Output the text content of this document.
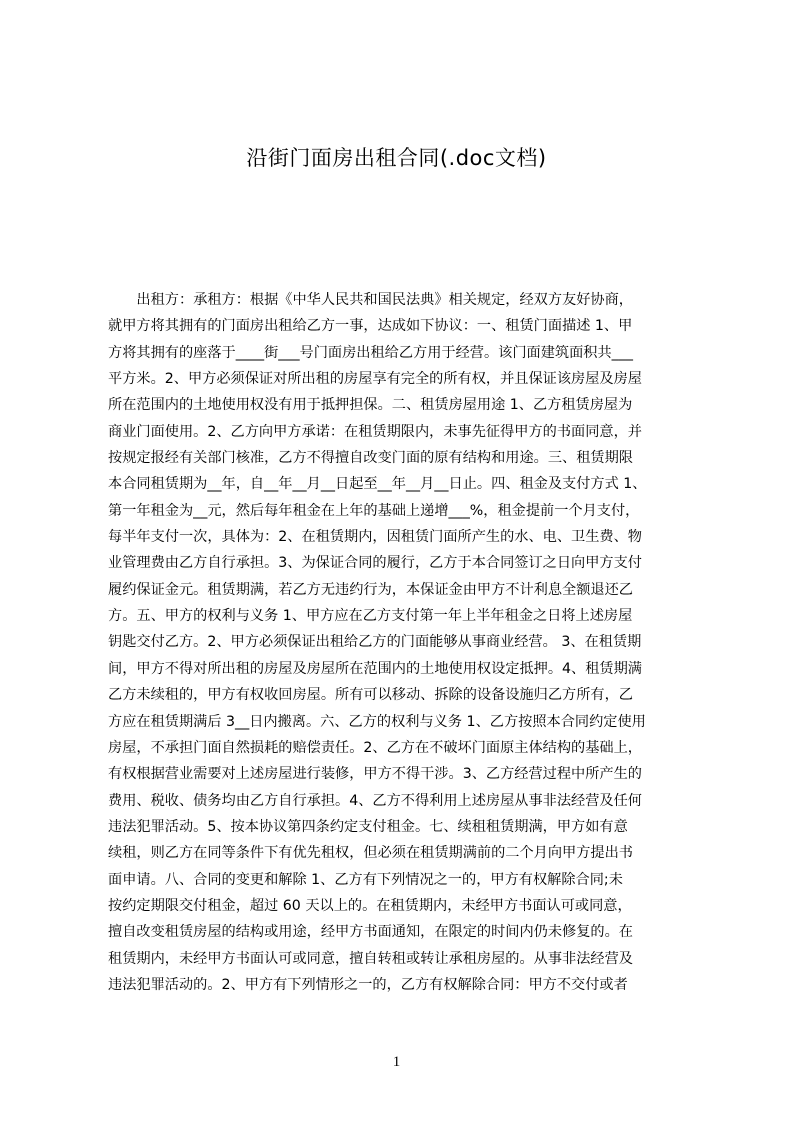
沿街门面房出租合同(.doc文档)
　　出租方：承租方：根据《中华人民共和国民法典》相关规定，经双方友好协商，
就甲方将其拥有的门面房出租给乙方一事，达成如下协议：一、租赁门面描述 1、甲
方将其拥有的座落于____街___号门面房出租给乙方用于经营。该门面建筑面积共___
平方米。2、甲方必须保证对所出租的房屋享有完全的所有权，并且保证该房屋及房屋
所在范围内的土地使用权没有用于抵押担保。二、租赁房屋用途 1、乙方租赁房屋为
商业门面使用。2、乙方向甲方承诺：在租赁期限内，未事先征得甲方的书面同意，并
按规定报经有关部门核准，乙方不得擅自改变门面的原有结构和用途。三、租赁期限
本合同租赁期为__年，自__年__月__日起至__年__月__日止。四、租金及支付方式 1、
第一年租金为__元，然后每年租金在上年的基础上递增___%，租金提前一个月支付，
每半年支付一次，具体为：2、在租赁期内，因租赁门面所产生的水、电、卫生费、物
业管理费由乙方自行承担。3、为保证合同的履行，乙方于本合同签订之日向甲方支付
履约保证金元。租赁期满，若乙方无违约行为，本保证金由甲方不计利息全额退还乙
方。五、甲方的权利与义务 1、甲方应在乙方支付第一年上半年租金之日将上述房屋
钥匙交付乙方。2、甲方必须保证出租给乙方的门面能够从事商业经营。 3、在租赁期
间，甲方不得对所出租的房屋及房屋所在范围内的土地使用权设定抵押。4、租赁期满
乙方未续租的，甲方有权收回房屋。所有可以移动、拆除的设备设施归乙方所有，乙
方应在租赁期满后 3__日内搬离。六、乙方的权利与义务 1、乙方按照本合同约定使用
房屋，不承担门面自然损耗的赔偿责任。2、乙方在不破坏门面原主体结构的基础上，
有权根据营业需要对上述房屋进行装修，甲方不得干涉。3、乙方经营过程中所产生的
费用、税收、债务均由乙方自行承担。4、乙方不得利用上述房屋从事非法经营及任何
违法犯罪活动。5、按本协议第四条约定支付租金。七、续租租赁期满，甲方如有意
续租，则乙方在同等条件下有优先租权，但必须在租赁期满前的二个月向甲方提出书
面申请。八、合同的变更和解除 1、乙方有下列情况之一的，甲方有权解除合同;未
按约定期限交付租金，超过 60 天以上的。在租赁期内，未经甲方书面认可或同意，
擅自改变租赁房屋的结构或用途，经甲方书面通知，在限定的时间内仍未修复的。在
租赁期内，未经甲方书面认可或同意，擅自转租或转让承租房屋的。从事非法经营及
违法犯罪活动的。2、甲方有下列情形之一的，乙方有权解除合同：甲方不交付或者
1
